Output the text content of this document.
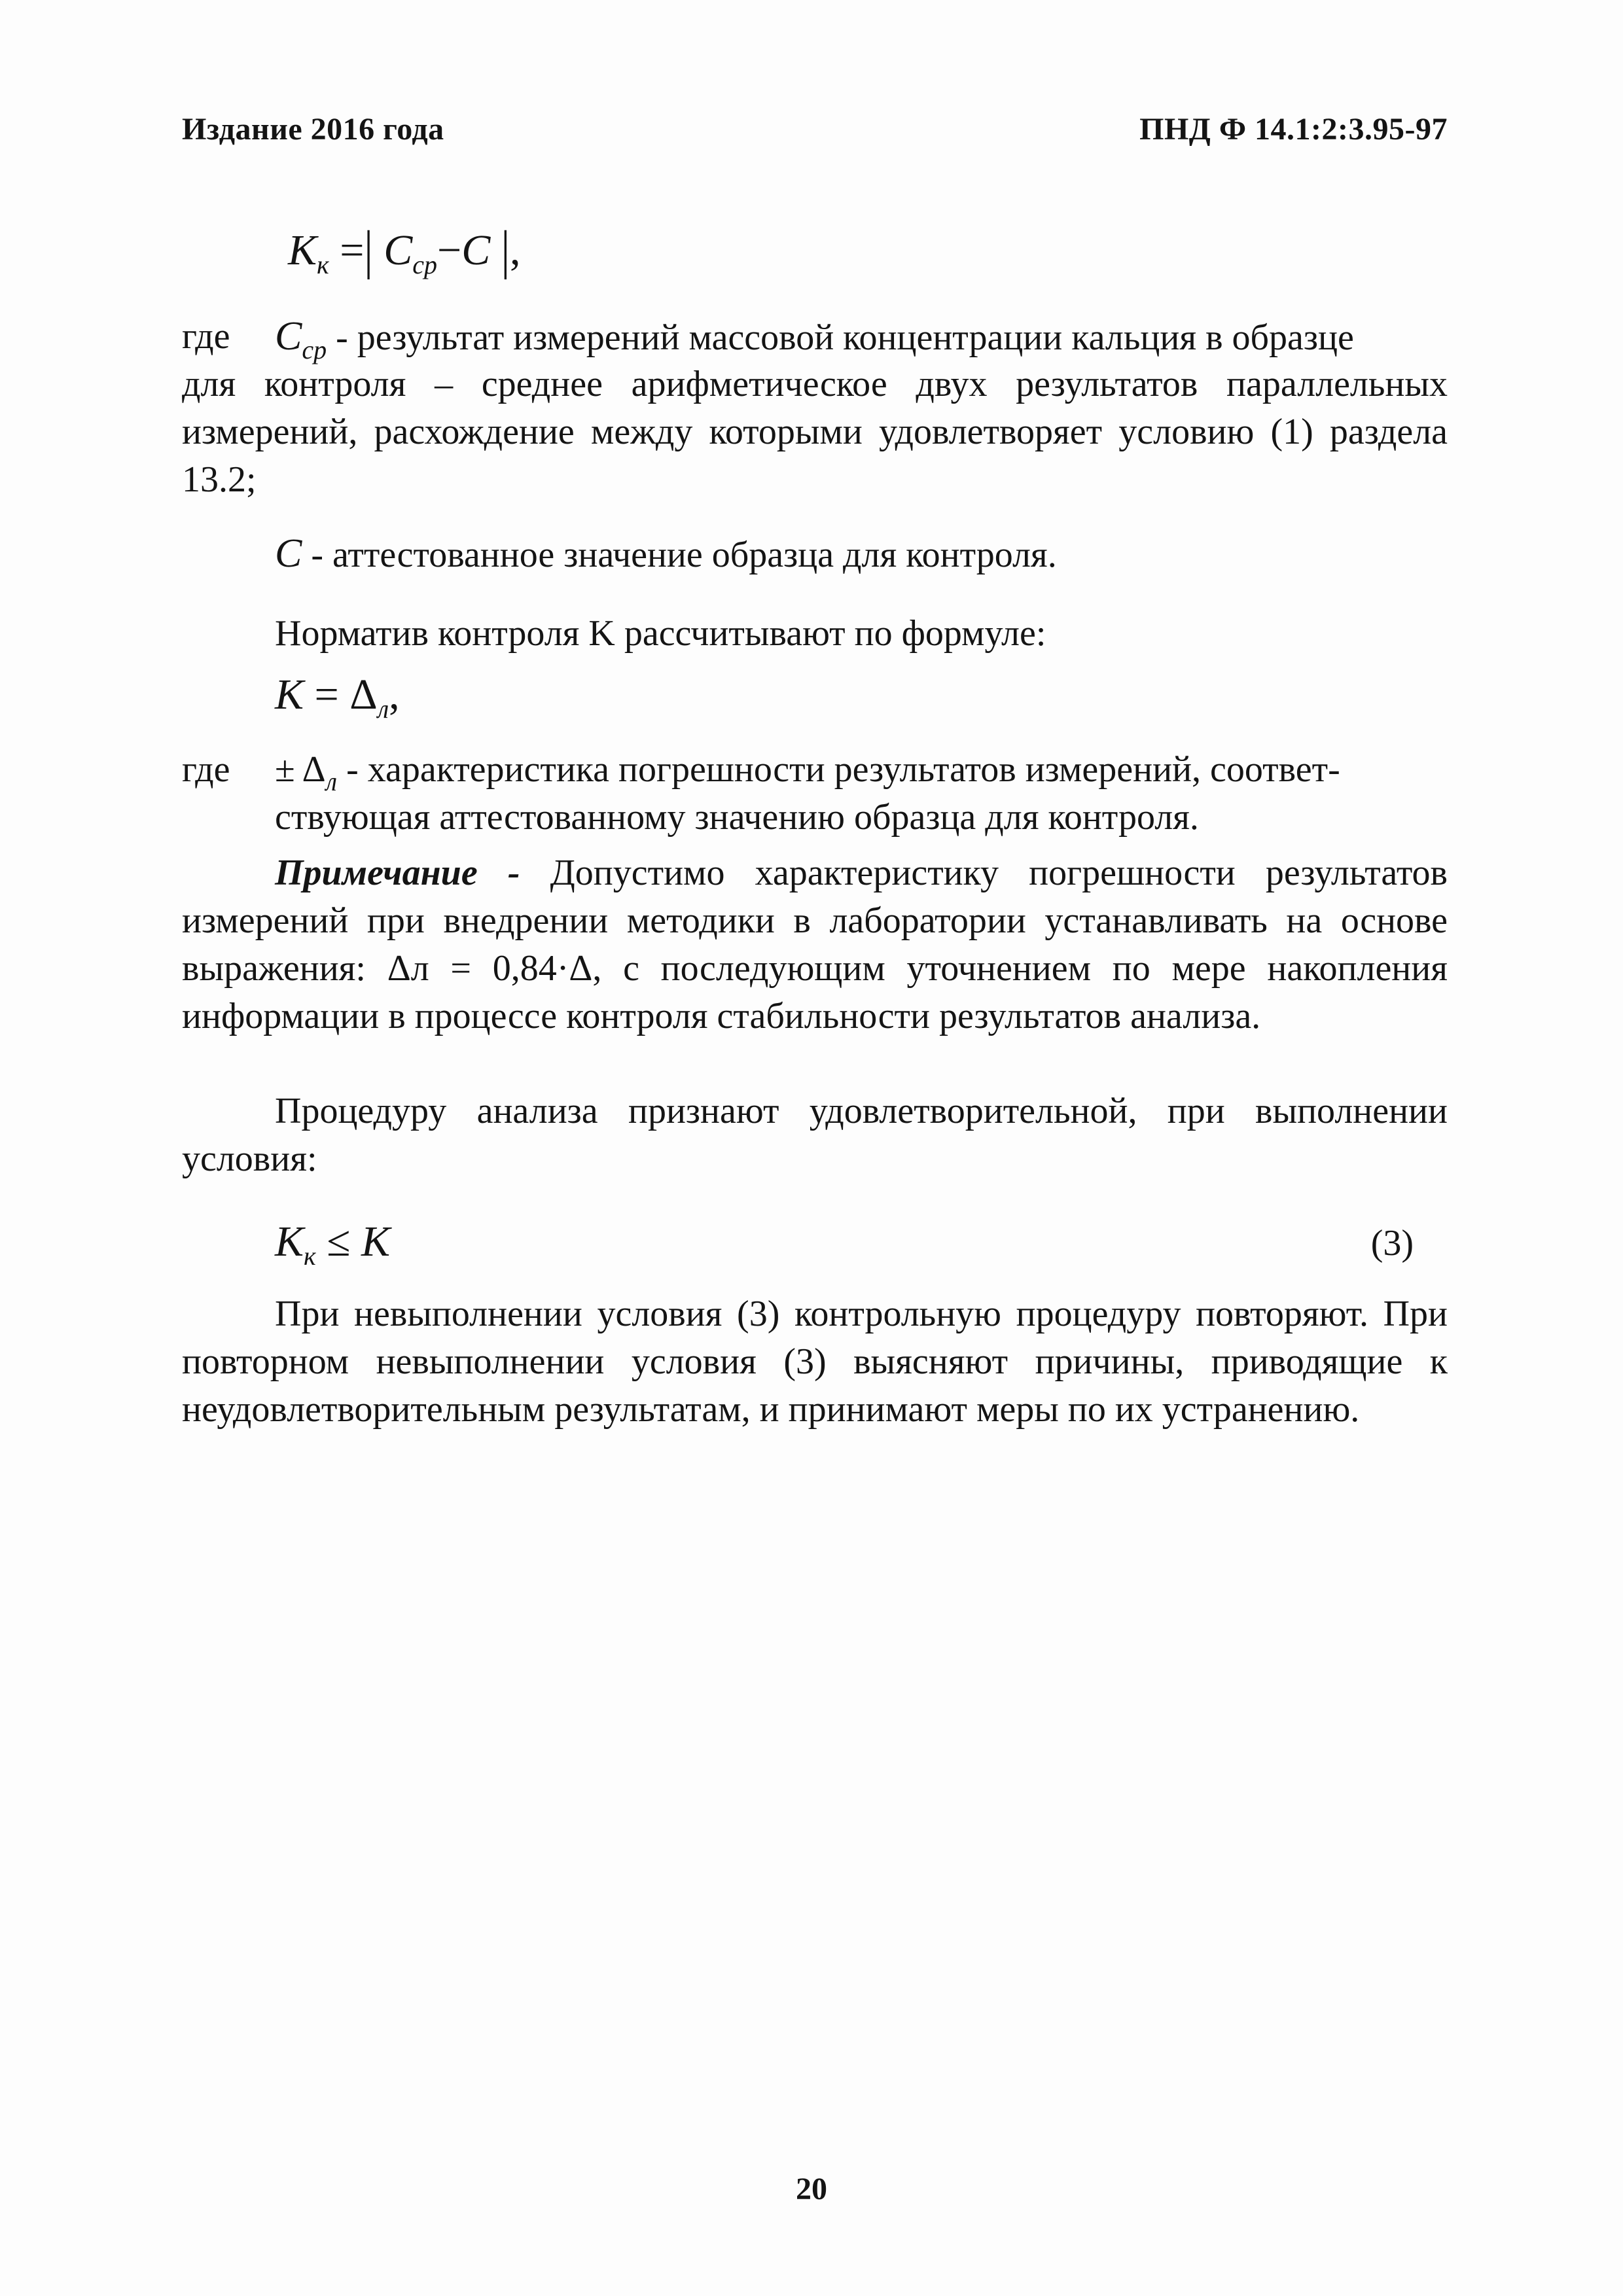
Издание 2016 года	ПНД Ф 14.1:2:3.95-97
$K_к$ =| $C_{ср}-C$ |,
где $C_{ср}$ - результат измерений массовой концентрации кальция в образце
для контроля – среднее арифметическое двух результатов параллельных измерений, расхождение между которыми удовлетворяет условию (1) раздела 13.2;
C - аттестованное значение образца для контроля.
Норматив контроля K рассчитывают по формуле:
$K = \Delta_л$,
где ± $\Delta_л$ - характеристика погрешности результатов измерений, соответ-
ствующая аттестованному значению образца для контроля.
Примечание - Допустимо характеристику погрешности результатов измерений при внедрении методики в лаборатории устанавливать на основе выражения: Δл = 0,84·Δ, с последующим уточнением по мере накопления информации в процессе контроля стабильности результатов анализа.
Процедуру анализа признают удовлетворительной, при выполнении условия:
$K_к \le K$	(3)
При невыполнении условия (3) контрольную процедуру повторяют. При повторном невыполнении условия (3) выясняют причины, приводящие к неудовлетворительным результатам, и принимают меры по их устранению.
20
